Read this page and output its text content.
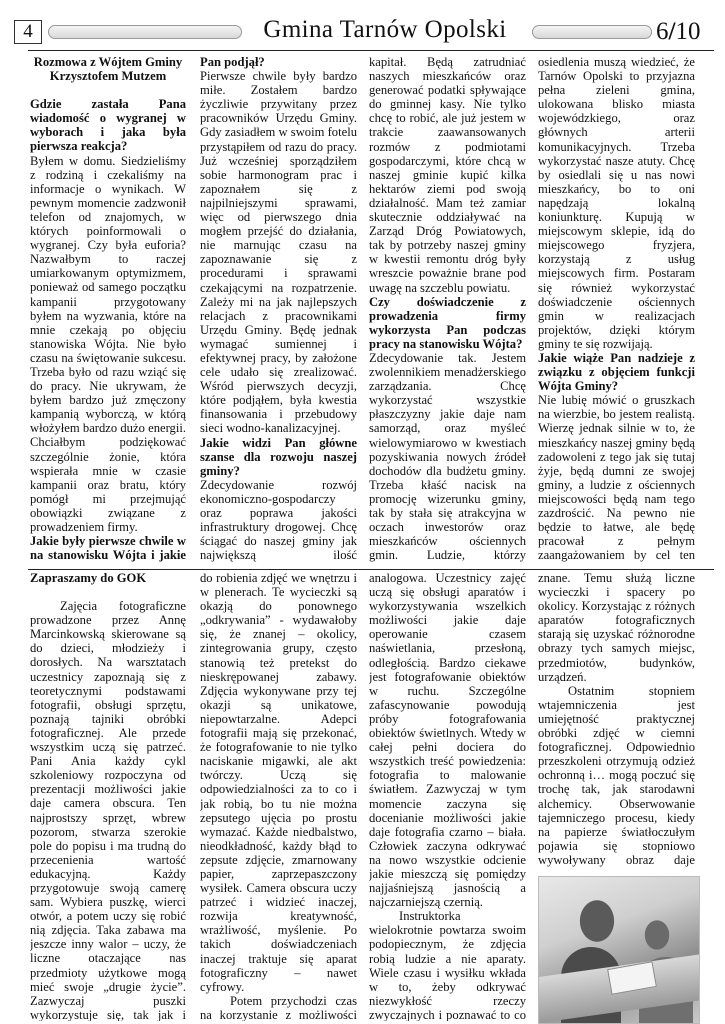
4	Gmina Tarnów Opolski	6/10

Rozmowa z Wójtem Gminy Krzysztofem Mutzem

Gdzie zastała Pana wiadomość o wygranej w wyborach i jaka była pierwsza reakcja?

Byłem w domu. Siedzieliśmy z rodziną i czekaliśmy na informacje o wynikach. W pewnym momencie zadzwonił telefon od znajomych, w których poinformowali o wygranej. Czy była euforia? Nazwałbym to raczej umiarkowanym optymizmem, ponieważ od samego początku kampanii przygotowany byłem na wyzwania, które na mnie czekają po objęciu stanowiska Wójta. Nie było czasu na świętowanie sukcesu. Trzeba było od razu wziąć się do pracy. Nie ukrywam, że byłem bardzo już zmęczony kampanią wyborczą, w którą włożyłem bardzo dużo energii. Chciałbym podziękować szczególnie żonie, która wspierała mnie w czasie kampanii oraz bratu, który pomógł mi przejmująć obowiązki związane z prowadzeniem firmy.

Jakie były pierwsze chwile w na stanowisku Wójta i jakie

Pan podjął?

Pierwsze chwile były bardzo miłe. Zostałem bardzo życzliwie przywitany przez pracowników Urzędu Gminy. Gdy zasiadłem w swoim fotelu przystąpiłem od razu do pracy. Już wcześniej sporządziłem sobie harmonogram prac i zapoznałem się z najpilniejszymi sprawami, więc od pierwszego dnia mogłem przejść do działania, nie marnując czasu na zapoznawanie się z procedurami i sprawami czekającymi na rozpatrzenie. Zależy mi na jak najlepszych relacjach z pracownikami Urzędu Gminy. Będę jednak wymagać sumiennej i efektywnej pracy, by założone cele udało się zrealizować. Wśród pierwszych decyzji, które podjąłem, była kwestia finansowania i przebudowy sieci wodno-kanalizacyjnej.

Jakie widzi Pan główne szanse dla rozwoju naszej gminy?

Zdecydowanie rozwój ekonomiczno-gospodarczy oraz poprawa jakości infrastruktury drogowej. Chcę ściągać do naszej gminy jak największą ilość

kapitał. Będą zatrudniać naszych mieszkańców oraz generować podatki spływające do gminnej kasy. Nie tylko chcę to robić, ale już jestem w trakcie zaawansowanych rozmów z podmiotami gospodarczymi, które chcą w naszej gminie kupić kilka hektarów ziemi pod swoją działalność. Mam też zamiar skutecznie oddziaływać na Zarząd Dróg Powiatowych, tak by potrzeby naszej gminy w kwestii remontu dróg były wreszcie poważnie brane pod uwagę na szczeblu powiatu.

Czy doświadczenie z prowadzenia firmy wykorzysta Pan podczas pracy na stanowisku Wójta?

Zdecydowanie tak. Jestem zwolennikiem menadżerskiego zarządzania. Chcę wykorzystać wszystkie płaszczyzny jakie daje nam samorząd, oraz myśleć wielowymiarowo w kwestiach pozyskiwania nowych źródeł dochodów dla budżetu gminy. Trzeba kłaść nacisk na promocję wizerunku gminy, tak by stała się atrakcyjna w oczach inwestorów oraz mieszkańców ościennych gmin. Ludzie, którzy

osiedlenia muszą wiedzieć, że Tarnów Opolski to przyjazna pełna zieleni gmina, ulokowana blisko miasta wojewódzkiego, oraz głównych arterii komunikacyjnych. Trzeba wykorzystać nasze atuty. Chcę by osiedlali się u nas nowi mieszkańcy, bo to oni napędzają lokalną koniunkturę. Kupują w miejscowym sklepie, idą do miejscowego fryzjera, korzystają z usług miejscowych firm. Postaram się również wykorzystać doświadczenie ościennych gmin w realizacjach projektów, dzięki którym gminy te się rozwijają.

Jakie wiąże Pan nadzieje z związku z objęciem funkcji Wójta Gminy?

Nie lubię mówić o gruszkach na wierzbie, bo jestem realistą. Wierzę jednak silnie w to, że mieszkańcy naszej gminy będą zadowoleni z tego jak się tutaj żyje, będą dumni ze swojej gminy, a ludzie z ościennych miejscowości będą nam tego zazdrościć. Na pewno nie będzie to łatwe, ale będę pracował z pełnym zaangażowaniem by cel ten

Zapraszamy do GOK

Zajęcia fotograficzne prowadzone przez Annę Marcinkowską skierowane są do dzieci, młodzieży i dorosłych. Na warsztatach uczestnicy zapoznają się z teoretycznymi podstawami fotografii, obsługi sprzętu, poznają tajniki obróbki fotograficznej. Ale przede wszystkim uczą się patrzeć. Pani Ania każdy cykl szkoleniowy rozpoczyna od prezentacji możliwości jakie daje camera obscura. Ten najprostszy sprzęt, wbrew pozorom, stwarza szerokie pole do popisu i ma trudną do przecenienia wartość edukacyjną. Każdy przygotowuje swoją camerę sam. Wybiera puszkę, wierci otwór, a potem uczy się robić nią zdjęcia. Taka zabawa ma jeszcze inny walor – uczy, że liczne otaczające nas przedmioty użytkowe mogą mieć swoje „drugie życie”. Zazwyczaj puszki wykorzystuje się, tak jak i

do robienia zdjęć we wnętrzu i w plenerach. Te wycieczki są okazją do ponownego „odkrywania” - wydawałoby się, że znanej – okolicy, zintegrowania grupy, często stanowią też pretekst do nieskrępowanej zabawy. Zdjęcia wykonywane przy tej okazji są unikatowe, niepowtarzalne. Adepci fotografii mają się przekonać, że fotografowanie to nie tylko naciskanie migawki, ale akt twórczy. Uczą się odpowiedzialności za to co i jak robią, bo tu nie można zepsutego ujęcia po prostu wymazać. Każde niedbalstwo, nieodkładność, każdy błąd to zepsute zdjęcie, zmarnowany papier, zaprzepaszczony wysiłek. Camera obscura uczy patrzeć i widzieć inaczej, rozwija kreatywność, wrażliwość, myślenie. Po takich doświadczeniach inaczej traktuje się aparat fotograficzny – nawet cyfrowy.

Potem przychodzi czas na korzystanie z możliwości

analogowa. Uczestnicy zajęć uczą się obsługi aparatów i wykorzystywania wszelkich możliwości jakie daje operowanie czasem naświetlania, przesłoną, odległością. Bardzo ciekawe jest fotografowanie obiektów w ruchu. Szczególne zafascynowanie powodują próby fotografowania obiektów świetlnych. Wtedy w całej pełni dociera do wszystkich treść powiedzenia: fotografia to malowanie światłem. Zazwyczaj w tym momencie zaczyna się docenianie możliwości jakie daje fotografia czarno – biała. Człowiek zaczyna odkrywać na nowo wszystkie odcienie jakie mieszczą się pomiędzy najjaśniejszą jasnością a najczarniejszą czernią.

Instruktorka wielokrotnie powtarza swoim podopiecznym, że zdjęcia robią ludzie a nie aparaty. Wiele czasu i wysiłku wkłada w to, żeby odkrywać niezwykłość rzeczy zwyczajnych i poznawać to co

znane. Temu służą liczne wycieczki i spacery po okolicy. Korzystając z różnych aparatów fotograficznych starają się uzyskać różnorodne obrazy tych samych miejsc, przedmiotów, budynków, urządzeń.

Ostatnim stopniem wtajemniczenia jest umiejętność praktycznej obróbki zdjęć w ciemni fotograficznej. Odpowiednio przeszkoleni otrzymują odzież ochronną i… mogą poczuć się trochę tak, jak starodawni alchemicy. Obserwowanie tajemniczego procesu, kiedy na papierze światłoczułym pojawia się stopniowo wywoływany obraz daje
